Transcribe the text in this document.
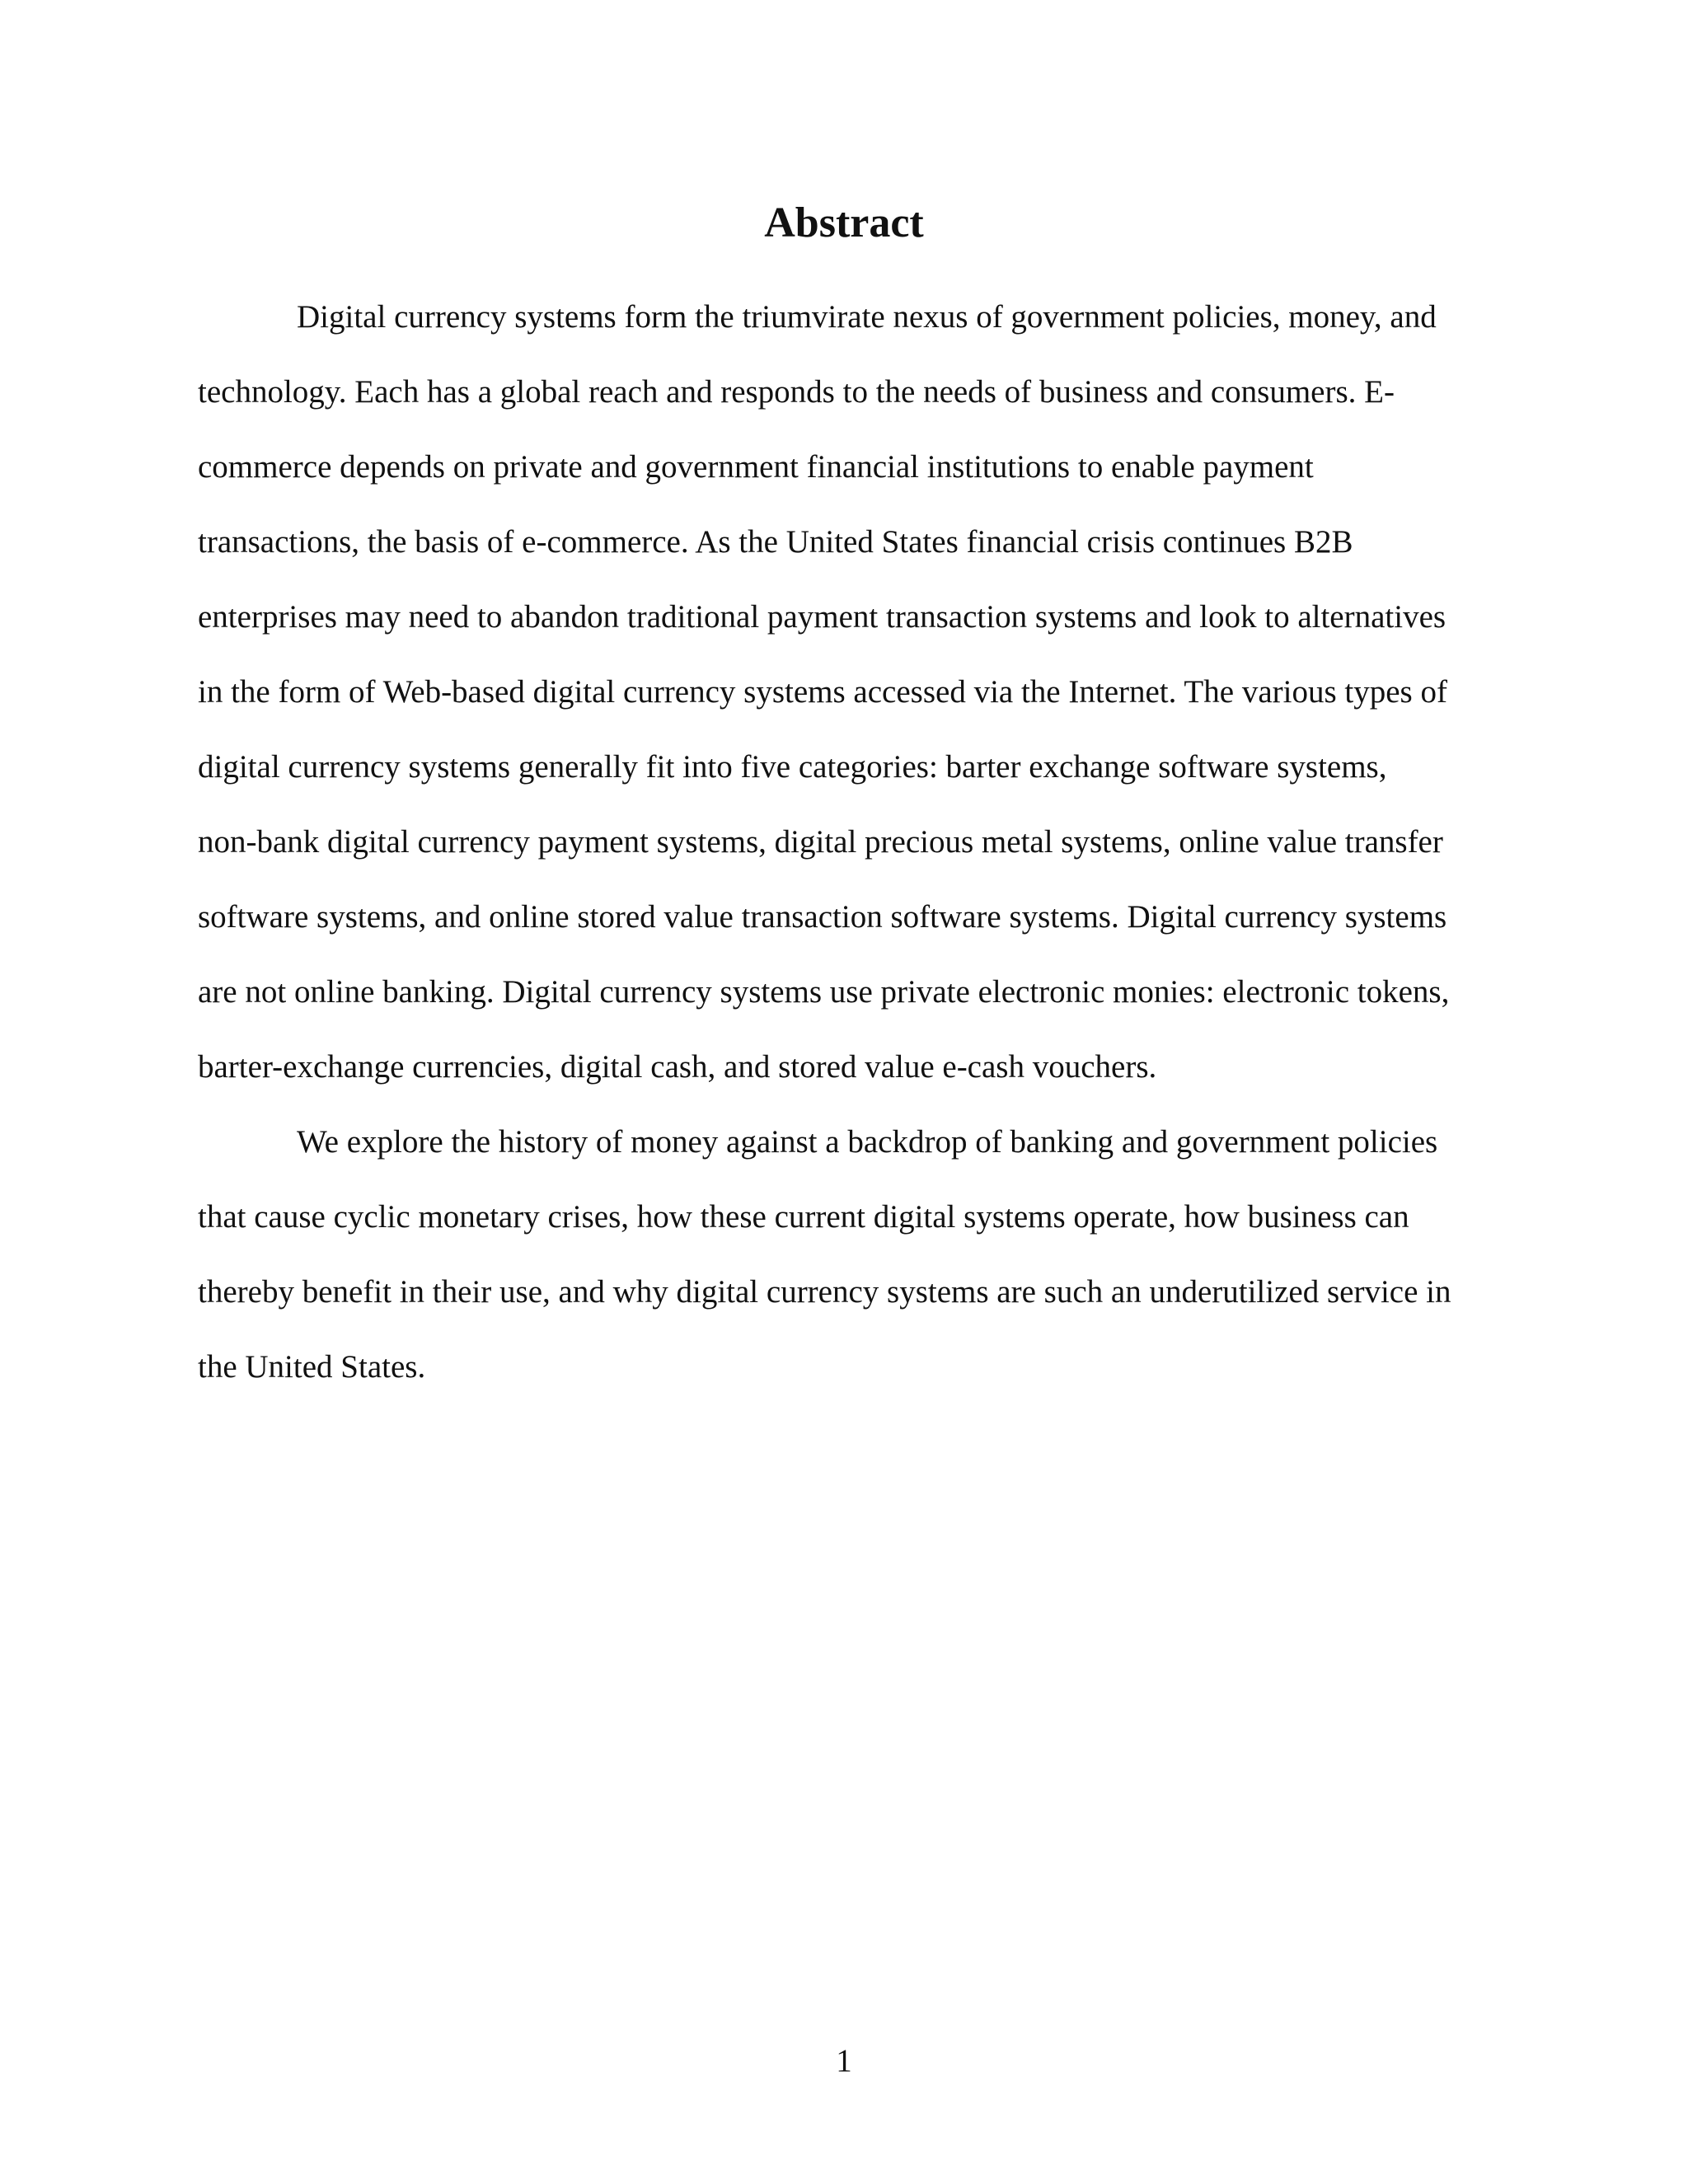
Abstract
Digital currency systems form the triumvirate nexus of government policies, money, and
technology. Each has a global reach and responds to the needs of business and consumers. E-
commerce depends on private and government financial institutions to enable payment
transactions, the basis of e-commerce. As the United States financial crisis continues B2B
enterprises may need to abandon traditional payment transaction systems and look to alternatives
in the form of Web-based digital currency systems accessed via the Internet. The various types of
digital currency systems generally fit into five categories: barter exchange software systems,
non-bank digital currency payment systems, digital precious metal systems, online value transfer
software systems, and online stored value transaction software systems. Digital currency systems
are not online banking. Digital currency systems use private electronic monies: electronic tokens,
barter-exchange currencies, digital cash, and stored value e-cash vouchers.
We explore the history of money against a backdrop of banking and government policies
that cause cyclic monetary crises, how these current digital systems operate, how business can
thereby benefit in their use, and why digital currency systems are such an underutilized service in
the United States.
1
